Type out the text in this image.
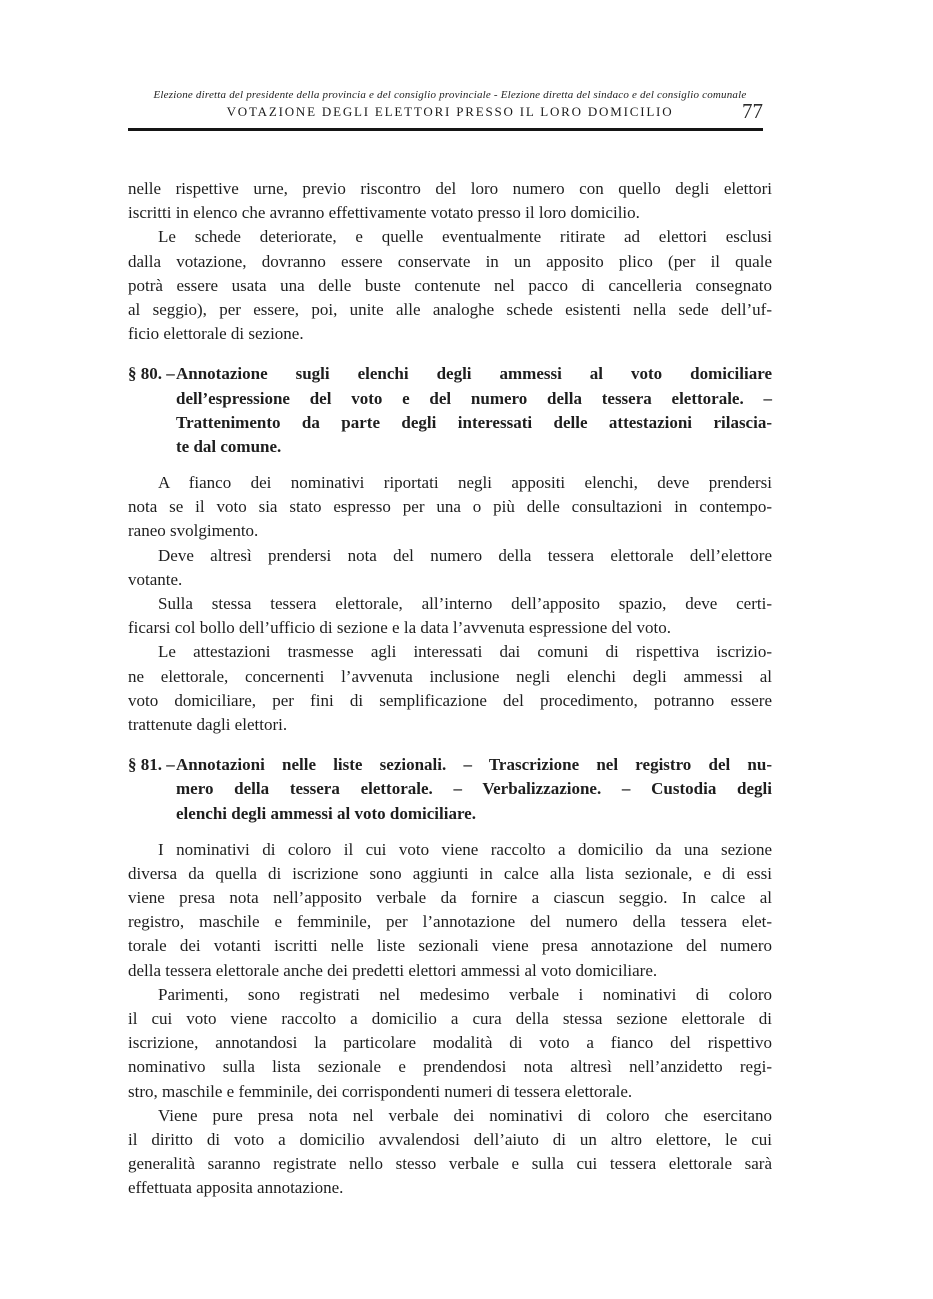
Elezione diretta del presidente della provincia e del consiglio provinciale - Elezione diretta del sindaco e del consiglio comunale
VOTAZIONE DEGLI ELETTORI PRESSO IL LORO DOMICILIO	77
nelle rispettive urne, previo riscontro del loro numero con quello degli elettori
iscritti in elenco che avranno effettivamente votato presso il loro domicilio.
Le schede deteriorate, e quelle eventualmente ritirate ad elettori esclusi
dalla votazione, dovranno essere conservate in un apposito plico (per il quale
potrà essere usata una delle buste contenute nel pacco di cancelleria consegnato
al seggio), per essere, poi, unite alle analoghe schede esistenti nella sede dell’uf-
ficio elettorale di sezione.
§ 80. – Annotazione sugli elenchi degli ammessi al voto domiciliare
dell’espressione del voto e del numero della tessera elettorale. –
Trattenimento da parte degli interessati delle attestazioni rilascia-
te dal comune.
A fianco dei nominativi riportati negli appositi elenchi, deve prendersi
nota se il voto sia stato espresso per una o più delle consultazioni in contempo-
raneo svolgimento.
Deve altresì prendersi nota del numero della tessera elettorale dell’elettore
votante.
Sulla stessa tessera elettorale, all’interno dell’apposito spazio, deve certi-
ficarsi col bollo dell’ufficio di sezione e la data l’avvenuta espressione del voto.
Le attestazioni trasmesse agli interessati dai comuni di rispettiva iscrizio-
ne elettorale, concernenti l’avvenuta inclusione negli elenchi degli ammessi al
voto domiciliare, per fini di semplificazione del procedimento, potranno essere
trattenute dagli elettori.
§ 81. – Annotazioni nelle liste sezionali. – Trascrizione nel registro del nu-
mero della tessera elettorale. – Verbalizzazione. – Custodia degli
elenchi degli ammessi al voto domiciliare.
I nominativi di coloro il cui voto viene raccolto a domicilio da una sezione
diversa da quella di iscrizione sono aggiunti in calce alla lista sezionale, e di essi
viene presa nota nell’apposito verbale da fornire a ciascun seggio. In calce al
registro, maschile e femminile, per l’annotazione del numero della tessera elet-
torale dei votanti iscritti nelle liste sezionali viene presa annotazione del numero
della tessera elettorale anche dei predetti elettori ammessi al voto domiciliare.
Parimenti, sono registrati nel medesimo verbale i nominativi di coloro
il cui voto viene raccolto a domicilio a cura della stessa sezione elettorale di
iscrizione, annotandosi la particolare modalità di voto a fianco del rispettivo
nominativo sulla lista sezionale e prendendosi nota altresì nell’anzidetto regi-
stro, maschile e femminile, dei corrispondenti numeri di tessera elettorale.
Viene pure presa nota nel verbale dei nominativi di coloro che esercitano
il diritto di voto a domicilio avvalendosi dell’aiuto di un altro elettore, le cui
generalità saranno registrate nello stesso verbale e sulla cui tessera elettorale sarà
effettuata apposita annotazione.
